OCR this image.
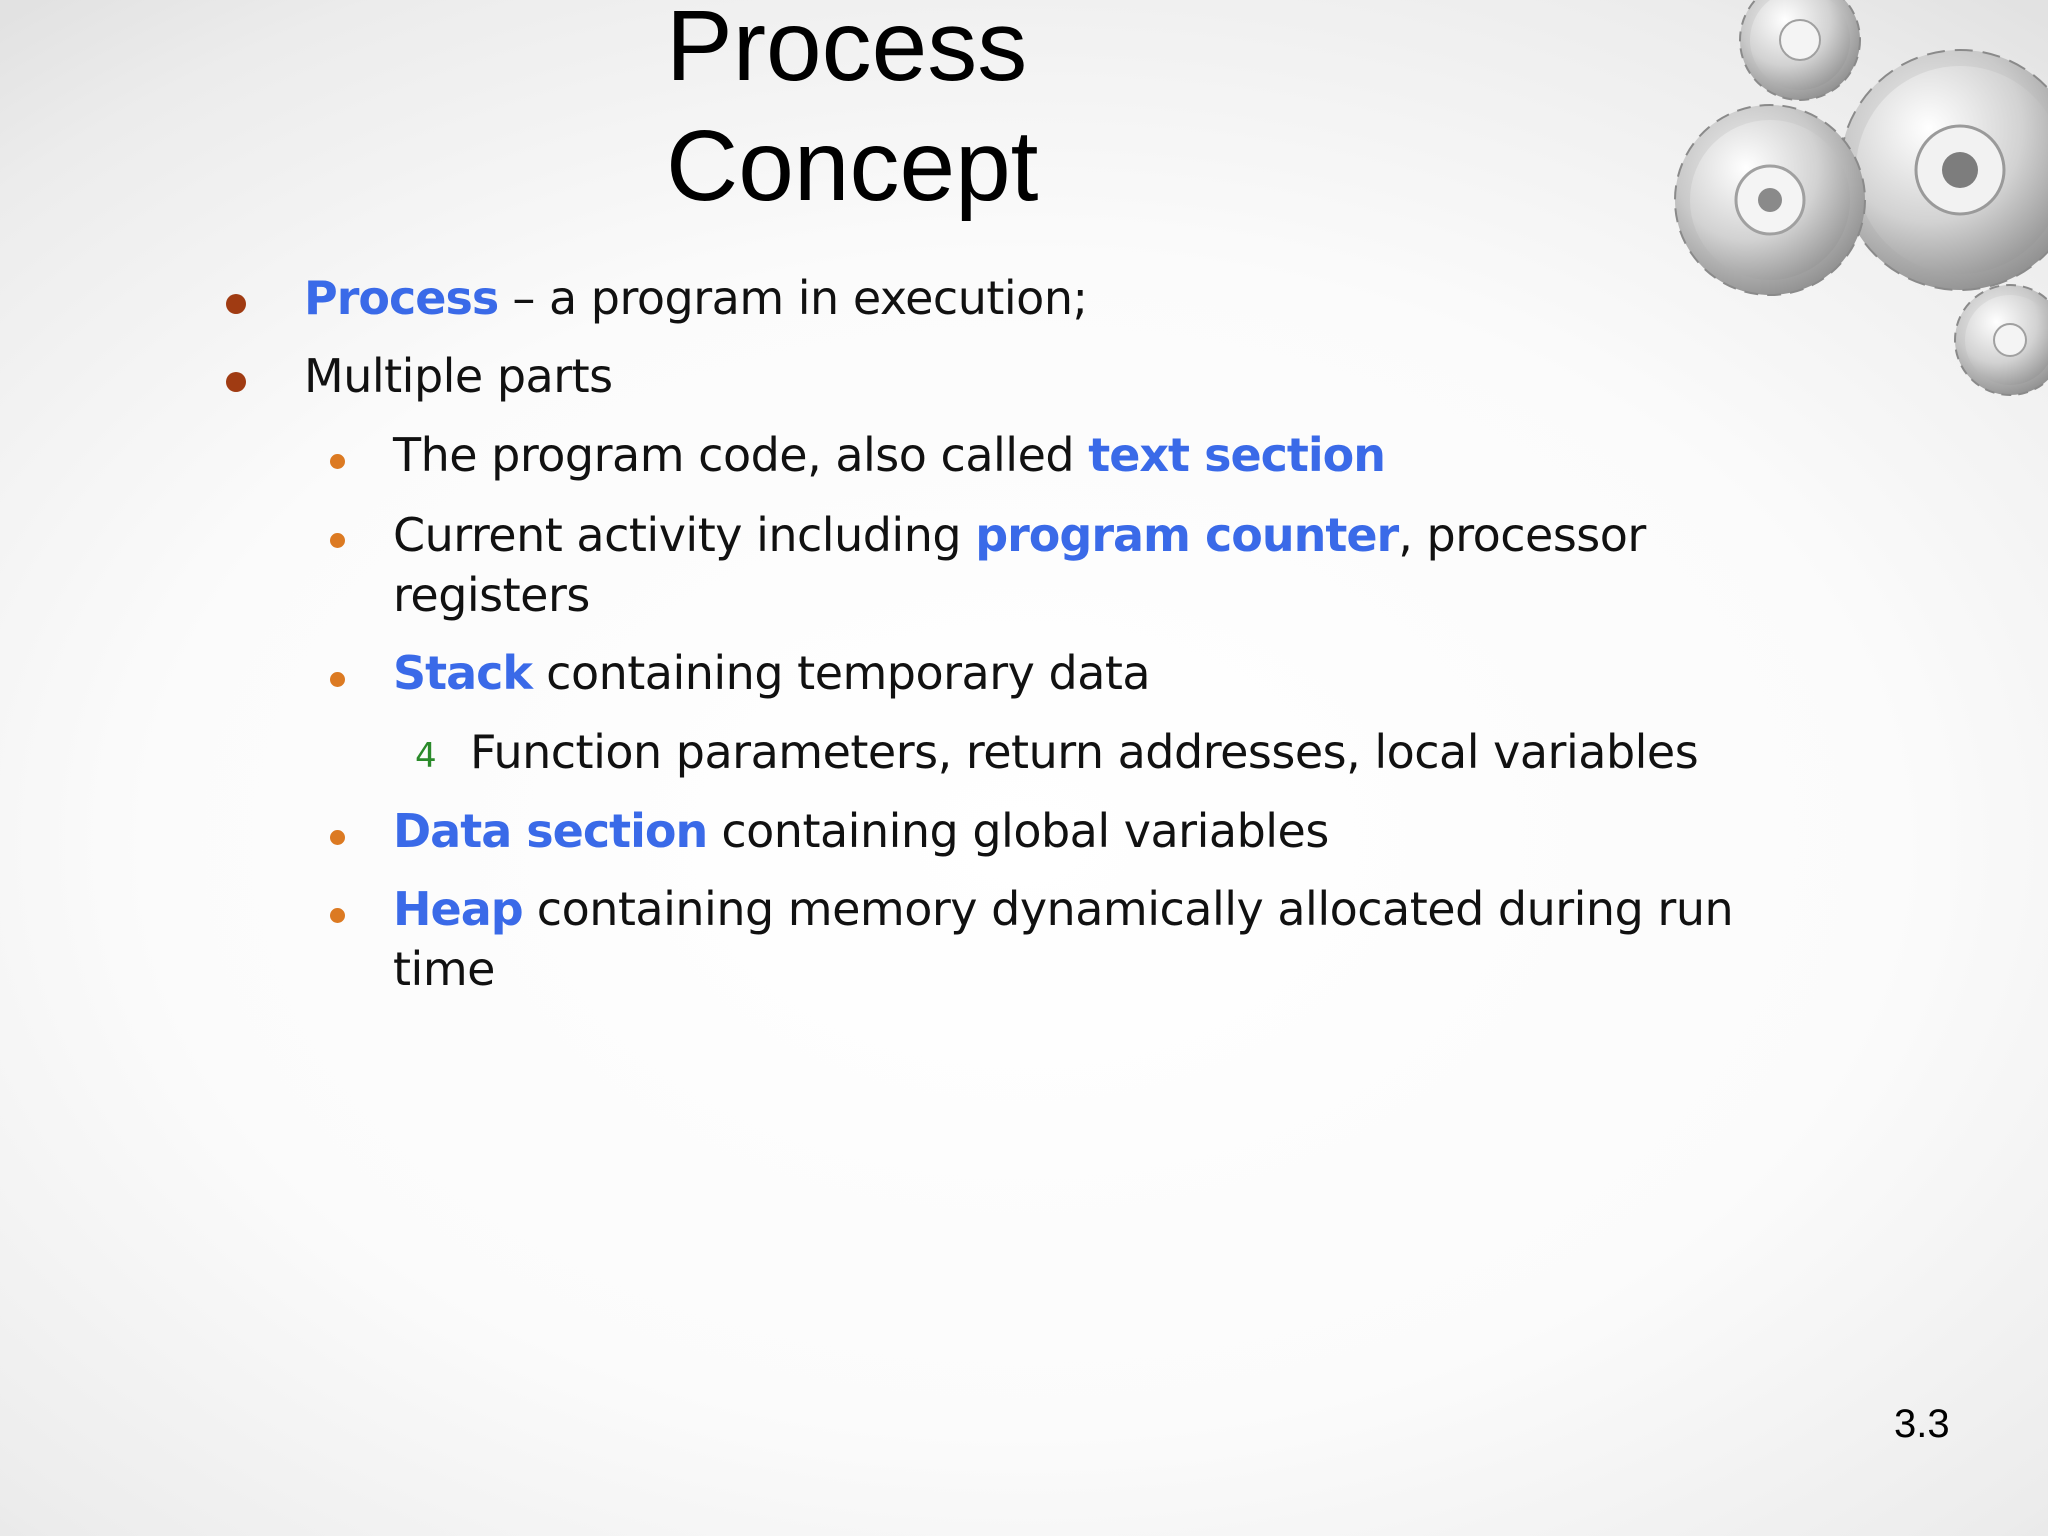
Process
Concept
Process – a program in execution;
Multiple parts
The program code, also called text section
Current activity including program counter, processor
registers
Stack containing temporary data
4 Function parameters, return addresses, local variables
Data section containing global variables
Heap containing memory dynamically allocated during run
time
3.3
